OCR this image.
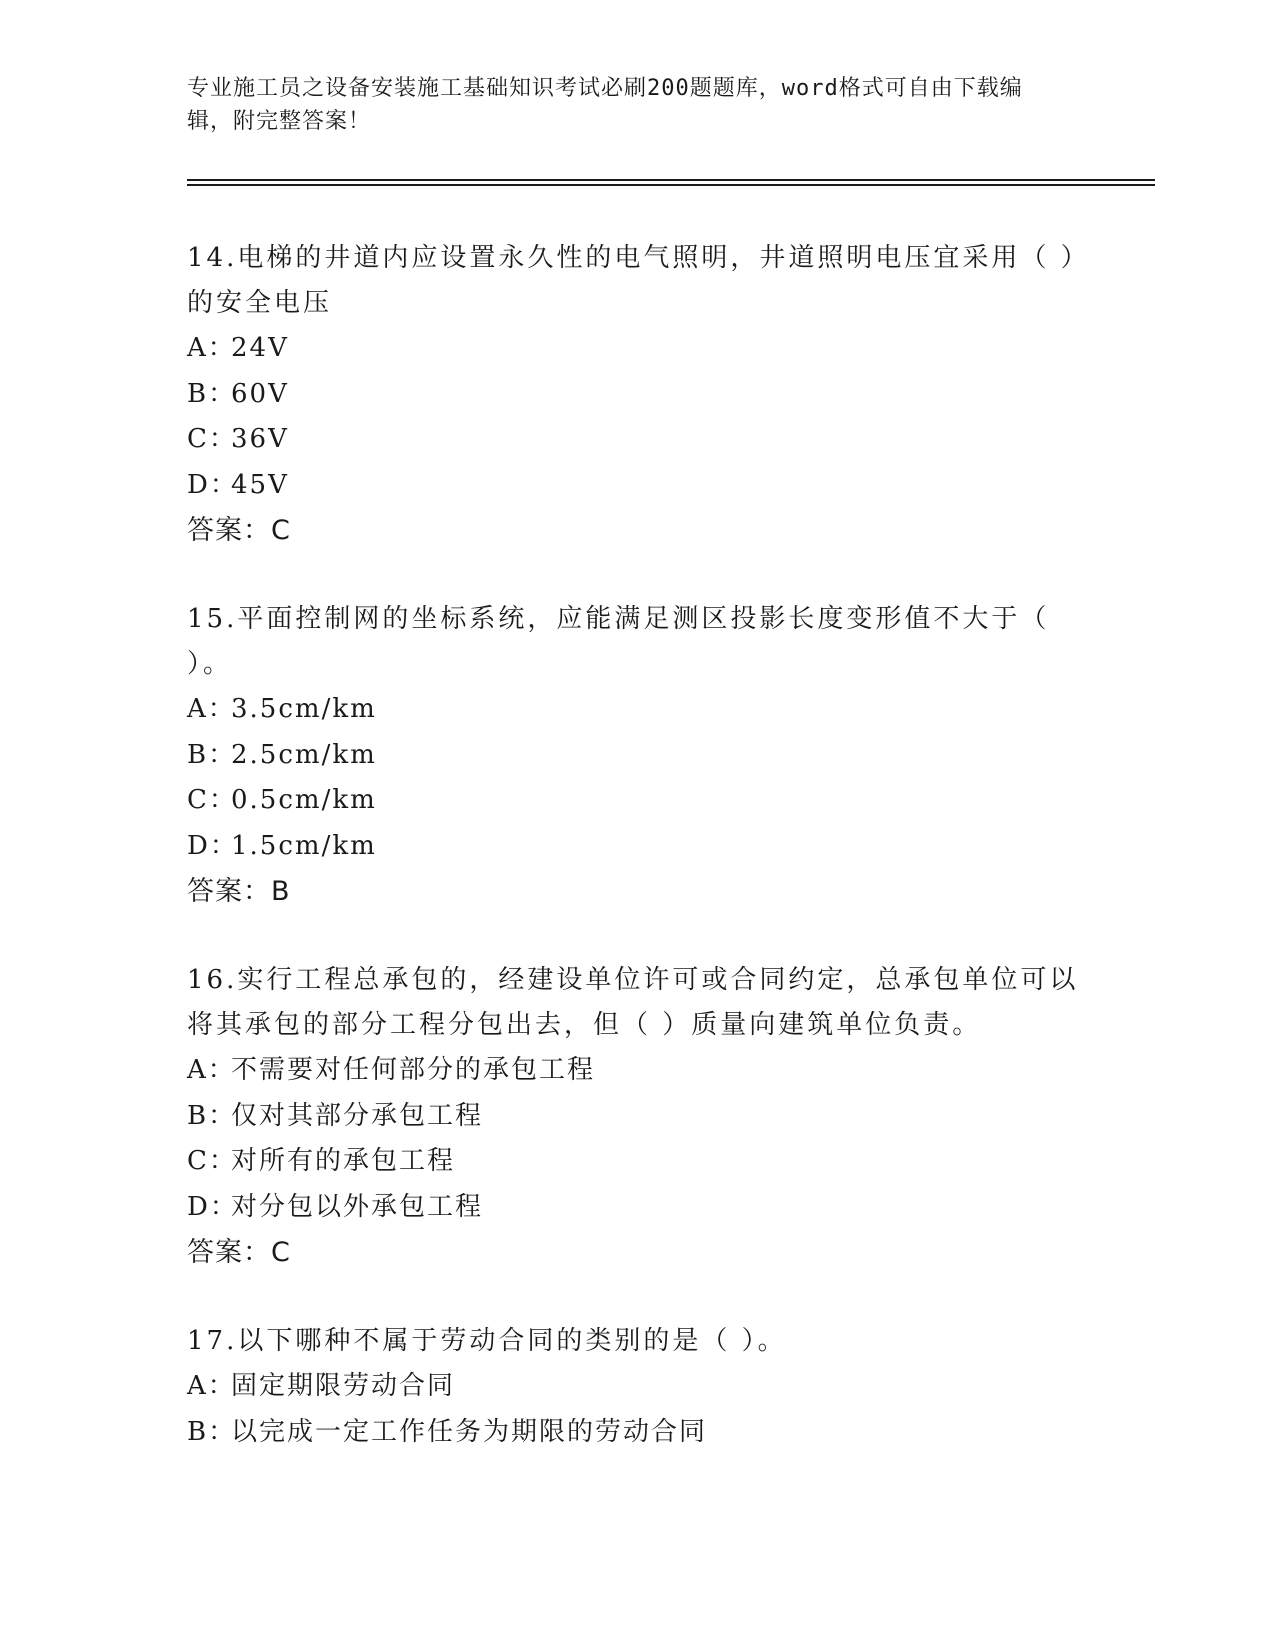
专业施工员之设备安装施工基础知识考试必刷200题题库，word格式可自由下载编辑，附完整答案！

14.电梯的井道内应设置永久性的电气照明，井道照明电压宜采用（ ）的安全电压

A：24V

B：60V

C：36V

D：45V

答案：C

15.平面控制网的坐标系统，应能满足测区投影长度变形值不大于（ ）。

A：3.5cm/km

B：2.5cm/km

C：0.5cm/km

D：1.5cm/km

答案：B

16.实行工程总承包的，经建设单位许可或合同约定，总承包单位可以将其承包的部分工程分包出去，但（ ）质量向建筑单位负责。

A：不需要对任何部分的承包工程

B：仅对其部分承包工程

C：对所有的承包工程

D：对分包以外承包工程

答案：C

17.以下哪种不属于劳动合同的类别的是（ ）。

A：固定期限劳动合同

B：以完成一定工作任务为期限的劳动合同
